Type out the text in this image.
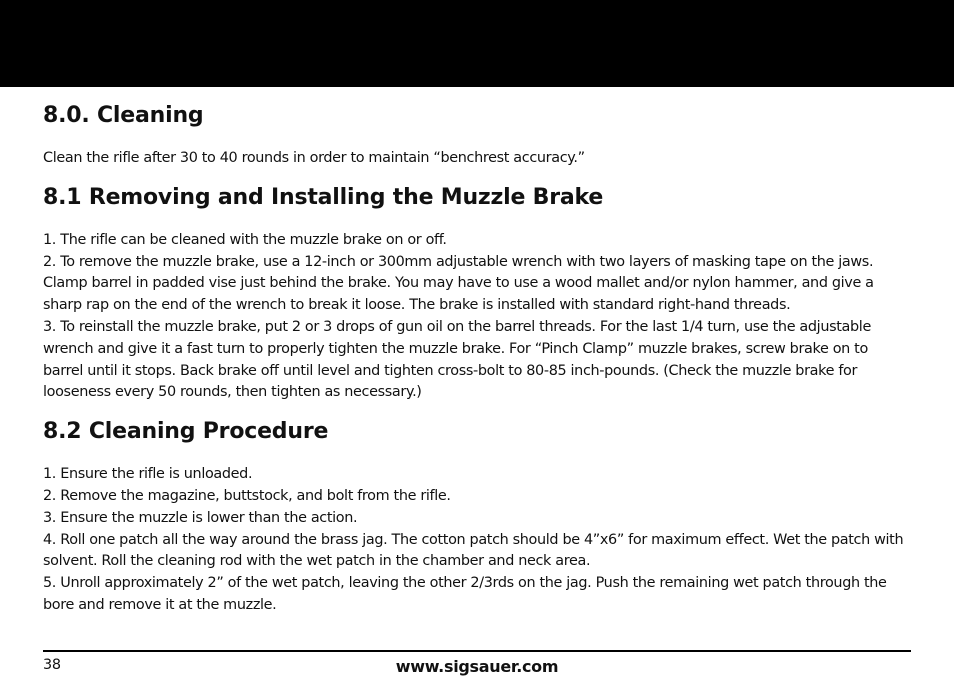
8.0. Cleaning

Clean the rifle after 30 to 40 rounds in order to maintain “benchrest accuracy.”

8.1 Removing and Installing the Muzzle Brake

1. The rifle can be cleaned with the muzzle brake on or off.

2. To remove the muzzle brake, use a 12-inch or 300mm adjustable wrench with two layers of masking tape on the jaws.

Clamp barrel in padded vise just behind the brake. You may have to use a wood mallet and/or nylon hammer, and give a

sharp rap on the end of the wrench to break it loose. The brake is installed with standard right-hand threads.

3. To reinstall the muzzle brake, put 2 or 3 drops of gun oil on the barrel threads. For the last 1/4 turn, use the adjustable

wrench and give it a fast turn to properly tighten the muzzle brake. For “Pinch Clamp” muzzle brakes, screw brake on to

barrel until it stops. Back brake off until level and tighten cross-bolt to 80-85 inch-pounds. (Check the muzzle brake for

looseness every 50 rounds, then tighten as necessary.)

8.2 Cleaning Procedure

1. Ensure the rifle is unloaded.

2. Remove the magazine, buttstock, and bolt from the rifle.

3. Ensure the muzzle is lower than the action.

4. Roll one patch all the way around the brass jag. The cotton patch should be 4”x6” for maximum effect. Wet the patch with

solvent. Roll the cleaning rod with the wet patch in the chamber and neck area.

5. Unroll approximately 2” of the wet patch, leaving the other 2/3rds on the jag. Push the remaining wet patch through the

bore and remove it at the muzzle.

38	www.sigsauer.com
